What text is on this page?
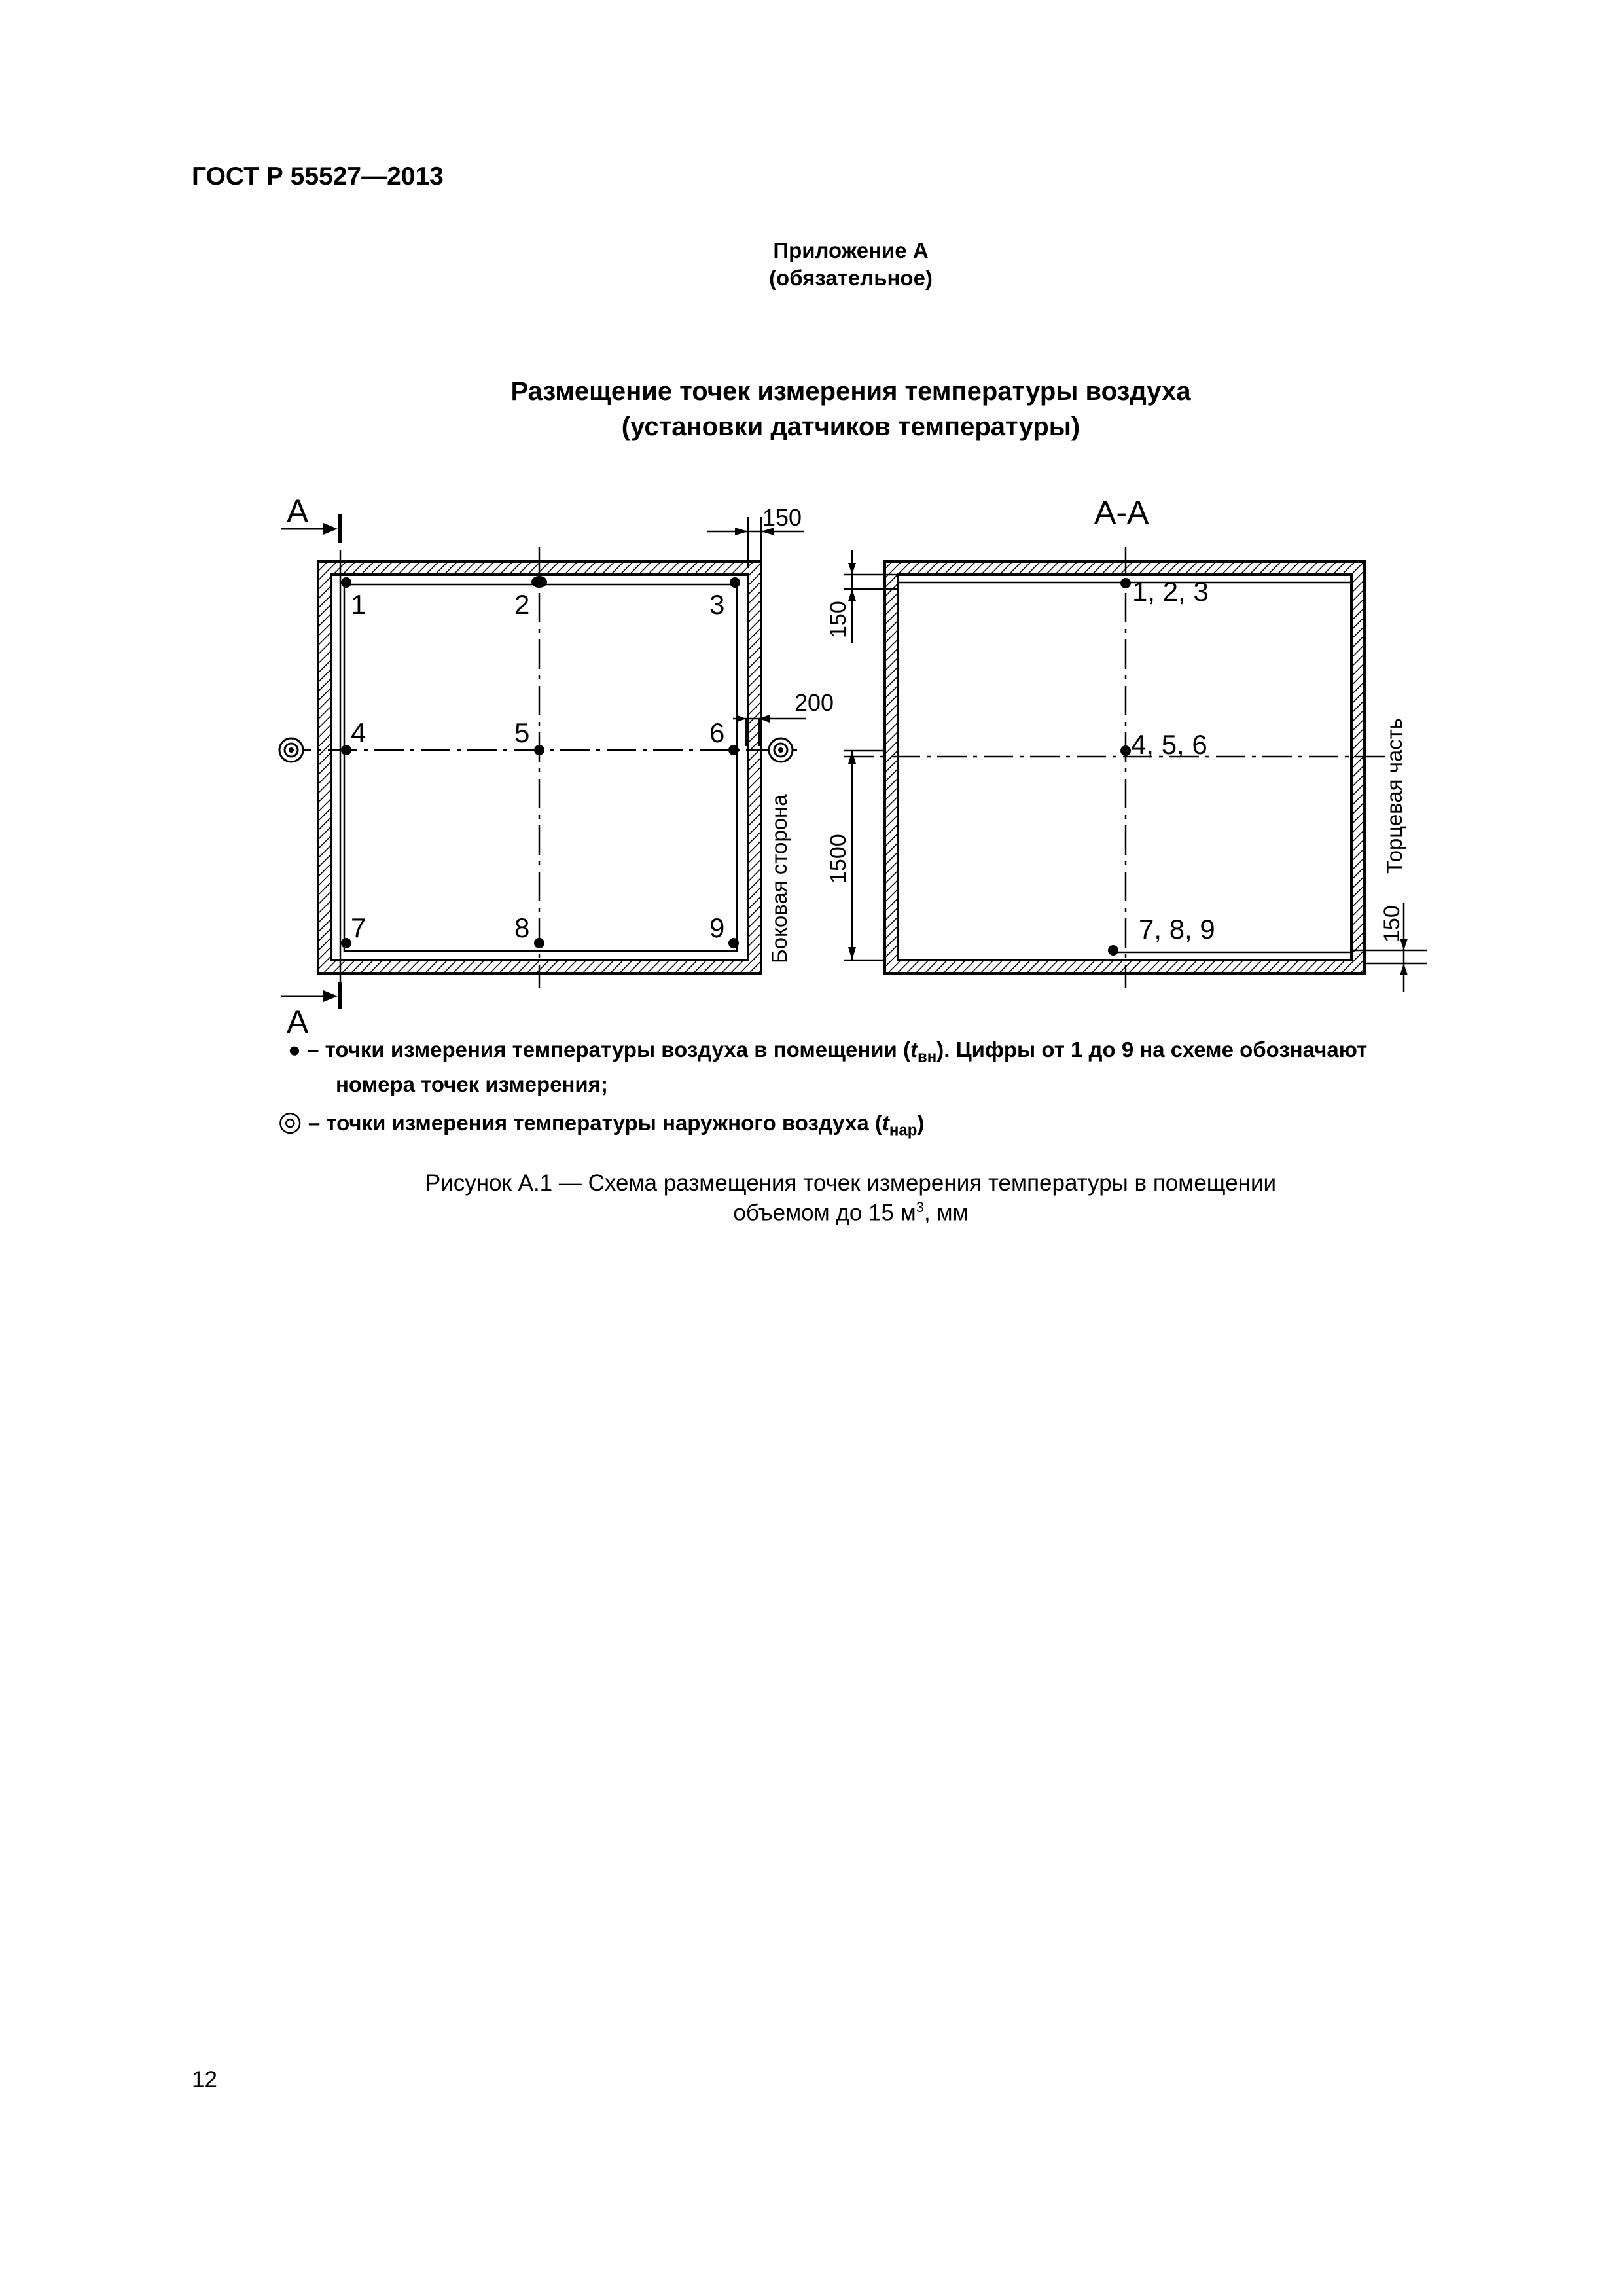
ГОСТ Р 55527—2013
Приложение А
(обязательное)
Размещение точек измерения температуры воздуха
(установки датчиков температуры)
А
А
1	2	3
4	5	6
7	8	9
150
200
Боковая сторона
А-А
1, 2, 3
4, 5, 6
7, 8, 9
150
1500
150
Торцевая часть
● – точки измерения температуры воздуха в помещении $(t_{вн})$. Цифры от 1 до 9 на схеме обозначают
номера точек измерения;
◎ – точки измерения температуры наружного воздуха $(t_{нар})$
Рисунок А.1 — Схема размещения точек измерения температуры в помещении
объемом до 15 $м^3$, мм
12
